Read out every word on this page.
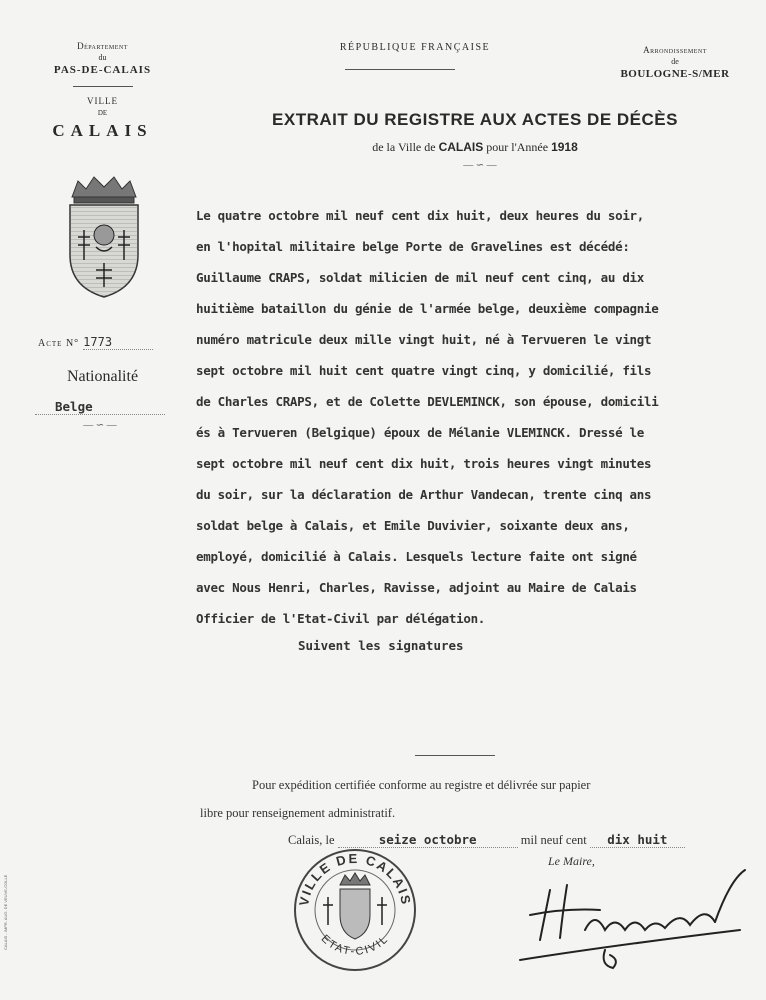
Département
du
PAS-DE-CALAIS
VILLE
DE
CALAIS
Acte N° 1773
Nationalité
Belge
— ∽ —
RÉPUBLIQUE FRANÇAISE	Arrondissement
de
BOULOGNE-S/MER
EXTRAIT DU REGISTRE AUX ACTES DE DÉCÈS
de la Ville de CALAIS pour l'Année 1918
— ∽ —
Le quatre octobre mil neuf cent dix huit, deux heures du soir,
en l'hopital militaire belge Porte de Gravelines est décédé:
Guillaume CRAPS, soldat milicien de mil neuf cent cinq, au dix
huitième bataillon du génie de l'armée belge, deuxième compagnie
numéro matricule deux mille vingt huit, né à Tervueren le vingt
sept octobre mil huit cent quatre vingt cinq, y domicilié, fils
de Charles CRAPS, et de Colette DEVLEMINCK, son épouse, domicili
és à Tervueren (Belgique) époux de Mélanie VLEMINCK. Dressé le
sept octobre mil neuf cent dix huit, trois heures vingt minutes
du soir, sur la déclaration de Arthur Vandecan, trente cinq ans
soldat belge à Calais, et Emile Duvivier, soixante deux ans,
employé, domicilié à Calais. Lesquels lecture faite ont signé
avec Nous Henri, Charles, Ravisse, adjoint au Maire de Calais
Officier de l'Etat-Civil par délégation.
Suivent les signatures
Pour expédition certifiée conforme au registre et délivrée sur papier
libre pour renseignement administratif.
Calais, le	seize octobre	mil neuf cent dix huit
Le Maire,
VILLE DE CALAIS
ETAT-CIVIL
CALAIS - IMPR. AUG. DE VEUVE-COLLE
